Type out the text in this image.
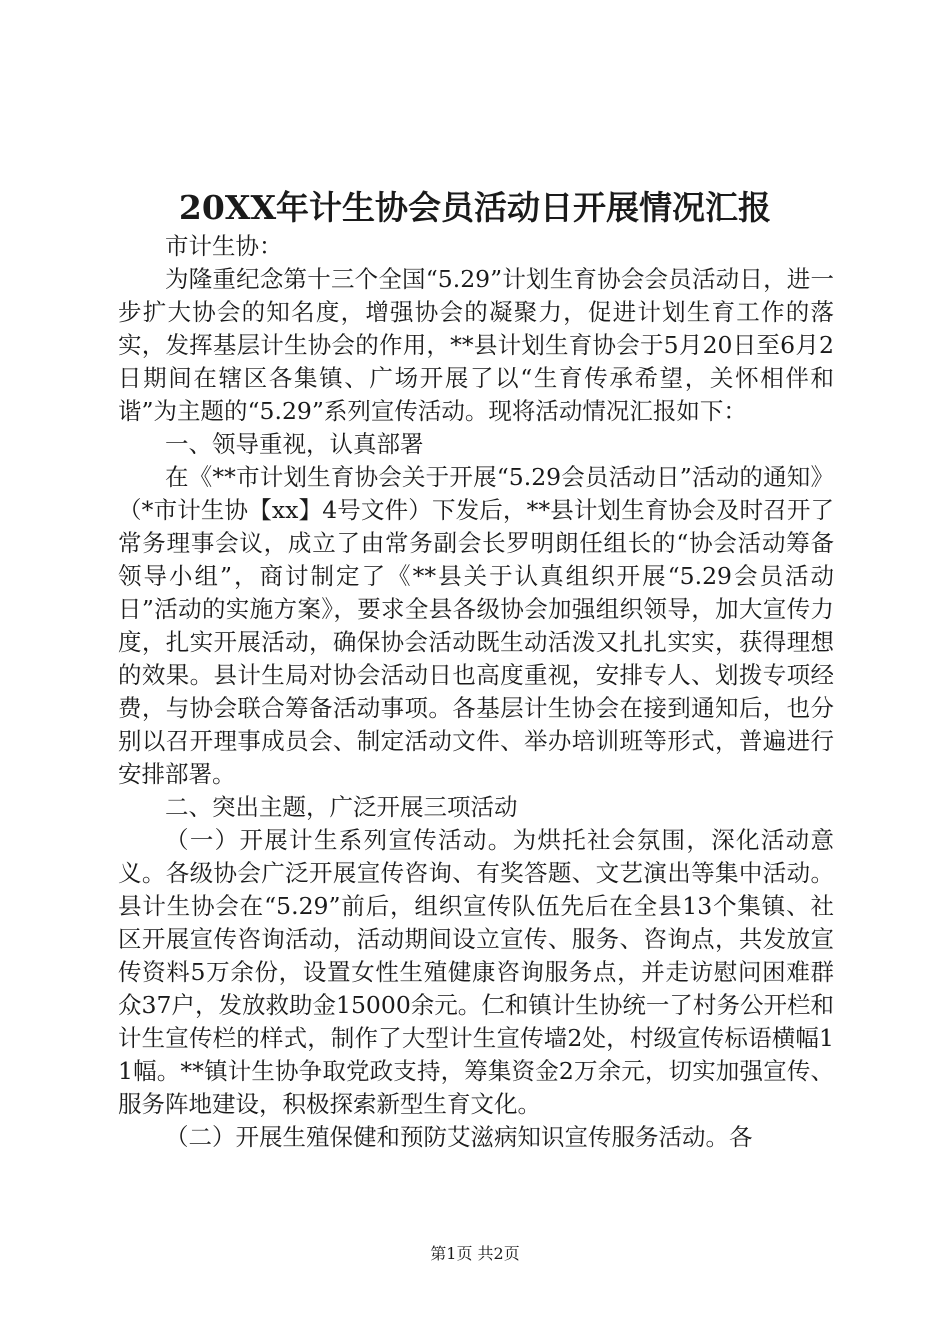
20XX年计生协会员活动日开展情况汇报

市计生协：

为隆重纪念第十三个全国“5.29”计划生育协会会员活动日，进一步扩大协会的知名度，增强协会的凝聚力，促进计划生育工作的落实，发挥基层计生协会的作用，**县计划生育协会于5月20日至6月2日期间在辖区各集镇、广场开展了以“生育传承希望，关怀相伴和谐”为主题的“5.29”系列宣传活动。现将活动情况汇报如下：

一、领导重视，认真部署

在《**市计划生育协会关于开展“5.29会员活动日”活动的通知》（*市计生协【xx】4号文件）下发后，**县计划生育协会及时召开了常务理事会议，成立了由常务副会长罗明朗任组长的“协会活动筹备领导小组”，商讨制定了《**县关于认真组织开展“5.29会员活动日”活动的实施方案》，要求全县各级协会加强组织领导，加大宣传力度，扎实开展活动，确保协会活动既生动活泼又扎扎实实，获得理想的效果。县计生局对协会活动日也高度重视，安排专人、划拨专项经费，与协会联合筹备活动事项。各基层计生协会在接到通知后，也分别以召开理事成员会、制定活动文件、举办培训班等形式，普遍进行安排部署。

二、突出主题，广泛开展三项活动

（一）开展计生系列宣传活动。为烘托社会氛围，深化活动意义。各级协会广泛开展宣传咨询、有奖答题、文艺演出等集中活动。县计生协会在“5.29”前后，组织宣传队伍先后在全县13个集镇、社区开展宣传咨询活动，活动期间设立宣传、服务、咨询点，共发放宣传资料5万余份，设置女性生殖健康咨询服务点，并走访慰问困难群众37户，发放救助金15000余元。仁和镇计生协统一了村务公开栏和计生宣传栏的样式，制作了大型计生宣传墙2处，村级宣传标语横幅11幅。**镇计生协争取党政支持，筹集资金2万余元，切实加强宣传、服务阵地建设，积极探索新型生育文化。

（二）开展生殖保健和预防艾滋病知识宣传服务活动。各

第1页 共2页
